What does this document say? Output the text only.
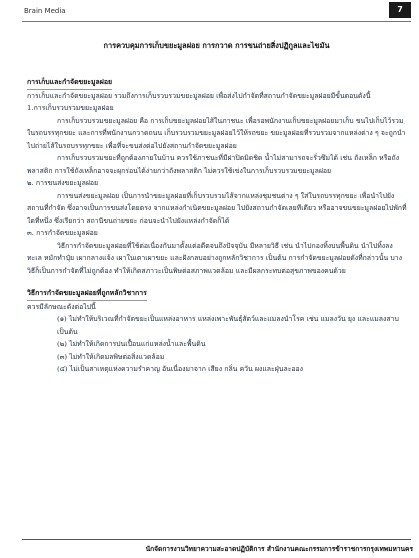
Brain Media	7
การควบคุมการเก็บขยะมูลฝอย การกวาด การขนถ่ายสิ่งปฏิกูลและไขมัน

การเก็บและกำจัดขยะมูลฝอย

การเก็บและกำจัดขยะมูลฝอย รวมถึงการเก็บรวบรวมขยะมูลฝอย เพื่อส่งไปกำจัดที่สถานกำจัดขยะมูลฝอยมีขั้นตอนดังนี้

1.การเก็บรวบรวมขยะมูลฝอย

การเก็บรวบรวมขยะมูลฝอย คือ การเก็บขยะมูลฝอยไส้ในภาชนะ เพื่อรอพนักงานเก็บขยะมูลฝอยมาเก็บ ขนไปเก็บไว้รวมในรถบรรทุกขยะ และการที่พนักงานกวาดถนน เก็บรวบรวมขยะมูลฝอยไว้ให้รถขยะ ขยะมูลฝอยที่รวบรวมจากแหล่งต่าง ๆ จะถูกนำไปถ่ายไส้ในรถบรรทุกขยะ เพื่อที่จะขนส่งต่อไปยังสถานกำจัดขยะมูลฝอย

การเก็บรวบรวมขยะที่ถูกต้องภายในบ้าน ควรใช้ภาชนะที่มีฝาปิดมิดชิด น้ำไม่สามารถจะรั่วซึมได้ เช่น ถังเหล็ก หรือถังพลาสติก การใช้ถังเหล็กอาจจะผุกร่อนได้ง่ายกว่าถังพลาสติก ไม่ควรใช้เข่งในการเก็บรวบรวมขยะมูลฝอย

๒. การขนส่งขยะมูลฝอย

การขนส่งขยะมูลฝอย เป็นการนำขยะมูลฝอยที่เก็บรวบรวมไส้จากแหล่งชุมชนต่าง ๆ ใส่ในรถบรรทุกขยะ เพื่อนำไปยังสถานที่กำจัด ซึ่งอาจเป็นการขนส่งโดยตรง จากแหล่งกำเนิดขยะมูลฝอย ไปยังสถานกำจัดเลยทีเดียว หรืออาจขนขยะมูลฝอยไปพักที่ใดที่หนึ่ง ซึ่งเรียกว่า สถานีขนถ่ายขยะ ก่อนจะนำไปยังแหล่งกำจัดก็ได้

๓. การกำจัดขยะมูลฝอย

วิธีการกำจัดขยะมูลฝอยที่ใช้ต่อเนื่องกันมาตั้งแต่อดีตจนถึงปัจจุบัน มีหลายวิธี เช่น นำไปกองทิ้งบนพื้นดิน นำไปทิ้งลงทะเล หมักทำปุ๋ย เผากลางแจ้ง เผาในเตาเผาขยะ และฝังกลบอย่างถูกหลักวิชาการ เป็นต้น การกำจัดขยะมูลฝอยดังที่กล่าวนั้น บางวิธีก็เป็นการกำจัดที่ไม่ถูกต้อง ทำให้เกิดสภาวะเป็นพิษต่อสภาพแวดล้อม และมีผลกระทบต่อสุขภาพของคนด้วย

วิธีการกำจัดขยะมูลฝอยที่ถูกหลักวิชาการ

ควรมีลักษณะดังต่อไปนี้

(๑) ไม่ทำให้บริเวณที่กำจัดขยะเป็นแหล่งอาหาร แหล่งเพาะพันธุ์สัตว์และแมลงนำโรค เช่น แมลงวัน ยุง และแมลงสาบ เป็นต้น

(๒) ไม่ทำให้เกิดการปนเปื้อนแก่แหล่งน้ำและพื้นดิน

(๓) ไม่ทำให้เกิดมลพิษต่อสิ่งแวดล้อม

(๔) ไม่เป็นสาเหตุแห่งความรำคาญ อันเนื่องมาจาก เสียง กลิ่น ควัน ผงและฝุ่นละออง

นักจัดการงานวิทยาความสะอาดปฏิบัติการ สำนักงานคณะกรรมการข้าราชการกรุงเทพมหานคร
